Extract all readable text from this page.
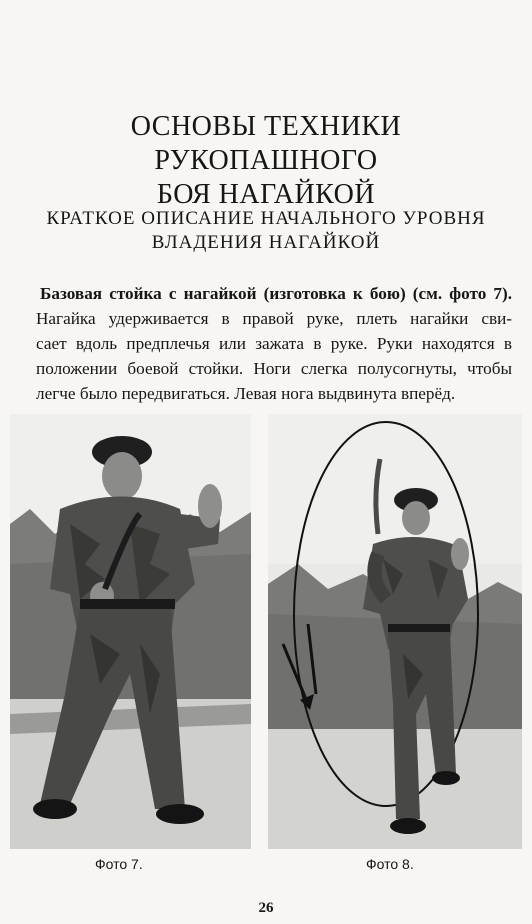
ОСНОВЫ ТЕХНИКИ РУКОПАШНОГО
БОЯ НАГАЙКОЙ
КРАТКОЕ ОПИСАНИЕ НАЧАЛЬНОГО УРОВНЯ
ВЛАДЕНИЯ НАГАЙКОЙ
Базовая стойка с нагайкой (изготовка к бою) (см. фото 7).
Нагайка удерживается в правой руке, плеть нагайки сви-
сает вдоль предплечья или зажата в руке. Руки находятся в
положении боевой стойки. Ноги слегка полусогнуты, чтобы
легче было передвигаться. Левая нога выдвинута вперёд.
Фото 7.	Фото 8.
26
